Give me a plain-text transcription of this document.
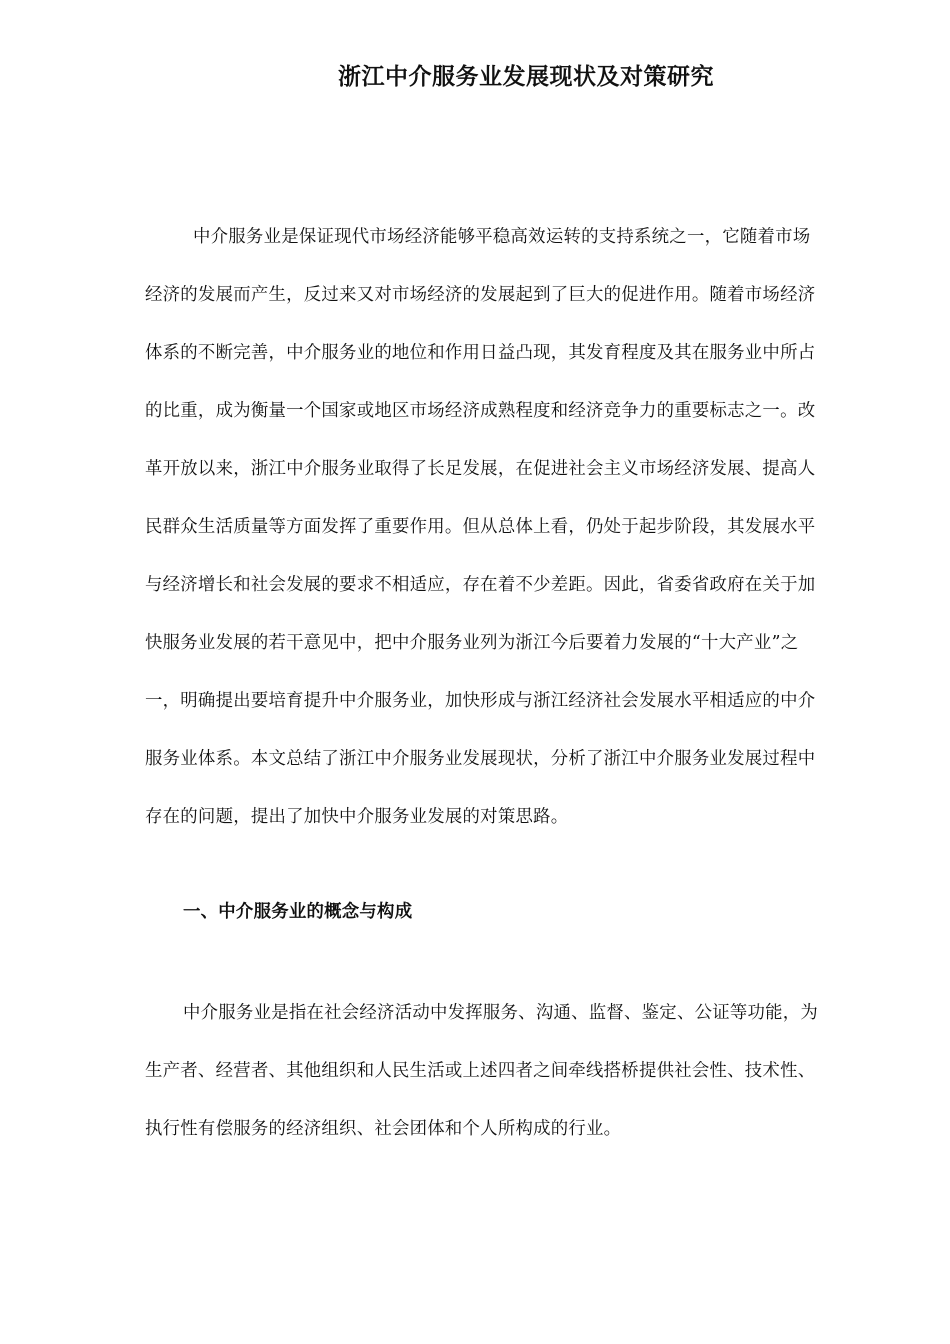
浙江中介服务业发展现状及对策研究
中介服务业是保证现代市场经济能够平稳高效运转的支持系统之一，它随着市场
经济的发展而产生，反过来又对市场经济的发展起到了巨大的促进作用。随着市场经济
体系的不断完善，中介服务业的地位和作用日益凸现，其发育程度及其在服务业中所占
的比重，成为衡量一个国家或地区市场经济成熟程度和经济竞争力的重要标志之一。改
革开放以来，浙江中介服务业取得了长足发展，在促进社会主义市场经济发展、提高人
民群众生活质量等方面发挥了重要作用。但从总体上看，仍处于起步阶段，其发展水平
与经济增长和社会发展的要求不相适应，存在着不少差距。因此，省委省政府在关于加
快服务业发展的若干意见中，把中介服务业列为浙江今后要着力发展的“十大产业”之
一，明确提出要培育提升中介服务业，加快形成与浙江经济社会发展水平相适应的中介
服务业体系。本文总结了浙江中介服务业发展现状，分析了浙江中介服务业发展过程中
存在的问题，提出了加快中介服务业发展的对策思路。
一、中介服务业的概念与构成
中介服务业是指在社会经济活动中发挥服务、沟通、监督、鉴定、公证等功能，为
生产者、经营者、其他组织和人民生活或上述四者之间牵线搭桥提供社会性、技术性、
执行性有偿服务的经济组织、社会团体和个人所构成的行业。
